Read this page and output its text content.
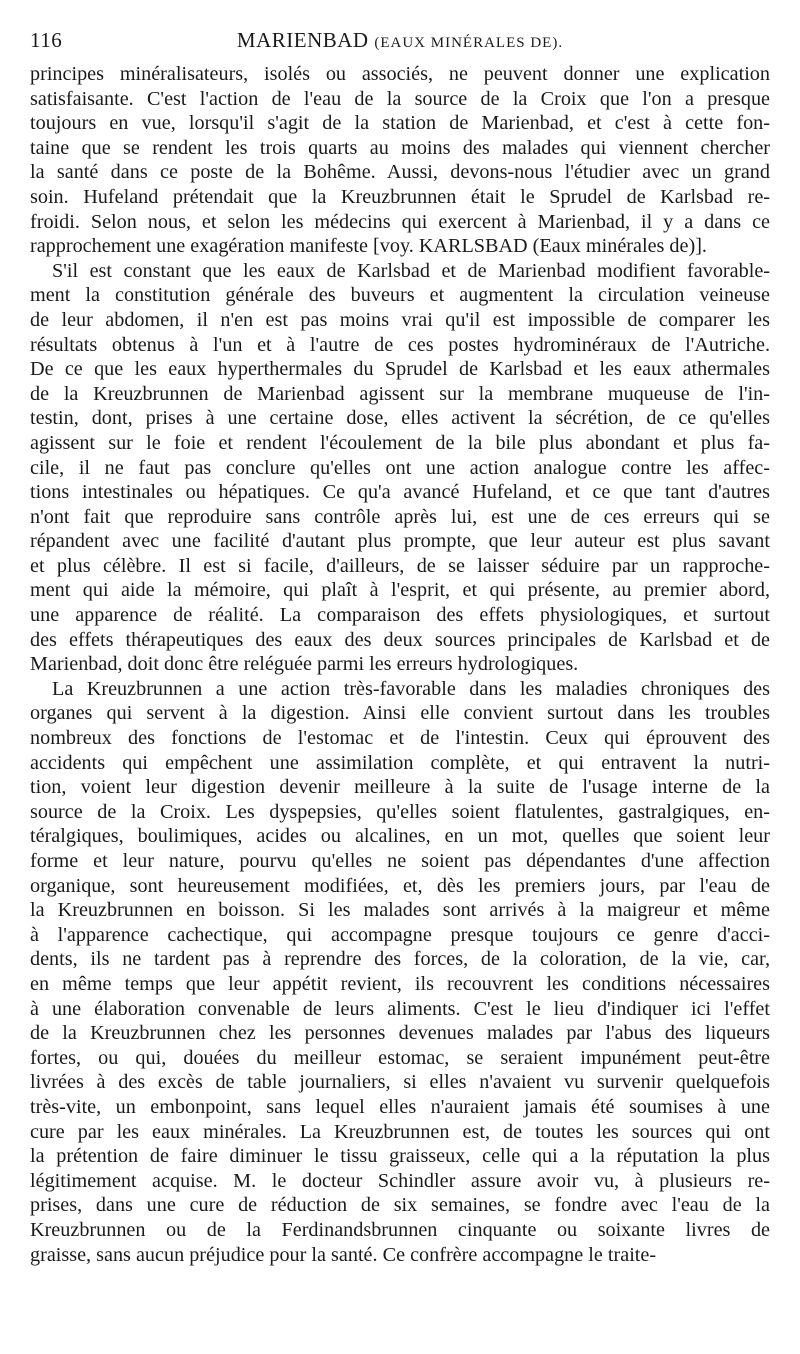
116	MARIENBAD (EAUX MINÉRALES DE).
principes minéralisateurs, isolés ou associés, ne peuvent donner une explication
satisfaisante. C'est l'action de l'eau de la source de la Croix que l'on a presque
toujours en vue, lorsqu'il s'agit de la station de Marienbad, et c'est à cette fon-
taine que se rendent les trois quarts au moins des malades qui viennent chercher
la santé dans ce poste de la Bohême. Aussi, devons-nous l'étudier avec un grand
soin. Hufeland prétendait que la Kreuzbrunnen était le Sprudel de Karlsbad re-
froidi. Selon nous, et selon les médecins qui exercent à Marienbad, il y a dans ce
rapprochement une exagération manifeste [voy. KARLSBAD (Eaux minérales de)].
S'il est constant que les eaux de Karlsbad et de Marienbad modifient favorable-
ment la constitution générale des buveurs et augmentent la circulation veineuse
de leur abdomen, il n'en est pas moins vrai qu'il est impossible de comparer les
résultats obtenus à l'un et à l'autre de ces postes hydrominéraux de l'Autriche.
De ce que les eaux hyperthermales du Sprudel de Karlsbad et les eaux athermales
de la Kreuzbrunnen de Marienbad agissent sur la membrane muqueuse de l'in-
testin, dont, prises à une certaine dose, elles activent la sécrétion, de ce qu'elles
agissent sur le foie et rendent l'écoulement de la bile plus abondant et plus fa-
cile, il ne faut pas conclure qu'elles ont une action analogue contre les affec-
tions intestinales ou hépatiques. Ce qu'a avancé Hufeland, et ce que tant d'autres
n'ont fait que reproduire sans contrôle après lui, est une de ces erreurs qui se
répandent avec une facilité d'autant plus prompte, que leur auteur est plus savant
et plus célèbre. Il est si facile, d'ailleurs, de se laisser séduire par un rapproche-
ment qui aide la mémoire, qui plaît à l'esprit, et qui présente, au premier abord,
une apparence de réalité. La comparaison des effets physiologiques, et surtout
des effets thérapeutiques des eaux des deux sources principales de Karlsbad et de
Marienbad, doit donc être reléguée parmi les erreurs hydrologiques.
La Kreuzbrunnen a une action très-favorable dans les maladies chroniques des
organes qui servent à la digestion. Ainsi elle convient surtout dans les troubles
nombreux des fonctions de l'estomac et de l'intestin. Ceux qui éprouvent des
accidents qui empêchent une assimilation complète, et qui entravent la nutri-
tion, voient leur digestion devenir meilleure à la suite de l'usage interne de la
source de la Croix. Les dyspepsies, qu'elles soient flatulentes, gastralgiques, en-
téralgiques, boulimiques, acides ou alcalines, en un mot, quelles que soient leur
forme et leur nature, pourvu qu'elles ne soient pas dépendantes d'une affection
organique, sont heureusement modifiées, et, dès les premiers jours, par l'eau de
la Kreuzbrunnen en boisson. Si les malades sont arrivés à la maigreur et même
à l'apparence cachectique, qui accompagne presque toujours ce genre d'acci-
dents, ils ne tardent pas à reprendre des forces, de la coloration, de la vie, car,
en même temps que leur appétit revient, ils recouvrent les conditions nécessaires
à une élaboration convenable de leurs aliments. C'est le lieu d'indiquer ici l'effet
de la Kreuzbrunnen chez les personnes devenues malades par l'abus des liqueurs
fortes, ou qui, douées du meilleur estomac, se seraient impunément peut-être
livrées à des excès de table journaliers, si elles n'avaient vu survenir quelquefois
très-vite, un embonpoint, sans lequel elles n'auraient jamais été soumises à une
cure par les eaux minérales. La Kreuzbrunnen est, de toutes les sources qui ont
la prétention de faire diminuer le tissu graisseux, celle qui a la réputation la plus
légitimement acquise. M. le docteur Schindler assure avoir vu, à plusieurs re-
prises, dans une cure de réduction de six semaines, se fondre avec l'eau de la
Kreuzbrunnen ou de la Ferdinandsbrunnen cinquante ou soixante livres de
graisse, sans aucun préjudice pour la santé. Ce confrère accompagne le traite-
